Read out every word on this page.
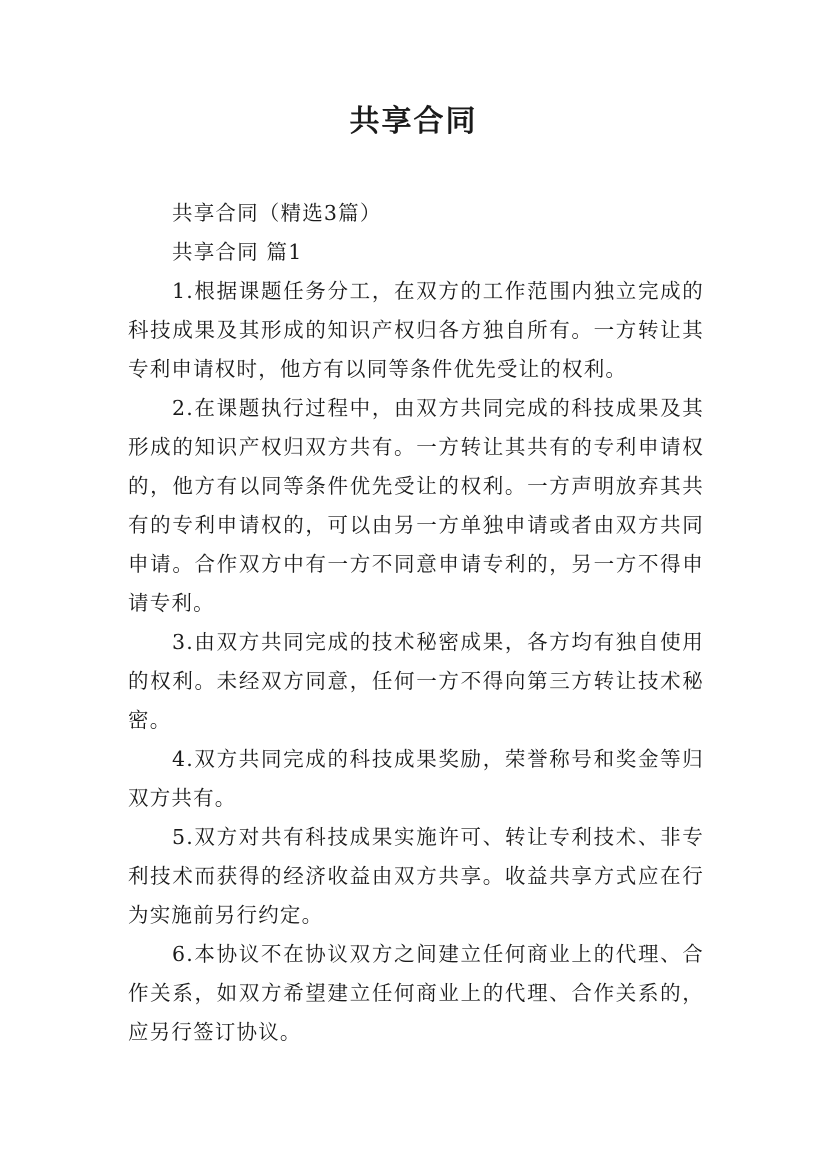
共享合同

共享合同（精选3篇）

共享合同 篇1

1.根据课题任务分工，在双方的工作范围内独立完成的科技成果及其形成的知识产权归各方独自所有。一方转让其专利申请权时，他方有以同等条件优先受让的权利。

2.在课题执行过程中，由双方共同完成的科技成果及其形成的知识产权归双方共有。一方转让其共有的专利申请权的，他方有以同等条件优先受让的权利。一方声明放弃其共有的专利申请权的，可以由另一方单独申请或者由双方共同申请。合作双方中有一方不同意申请专利的，另一方不得申请专利。

3.由双方共同完成的技术秘密成果，各方均有独自使用的权利。未经双方同意，任何一方不得向第三方转让技术秘密。

4.双方共同完成的科技成果奖励，荣誉称号和奖金等归双方共有。

5.双方对共有科技成果实施许可、转让专利技术、非专利技术而获得的经济收益由双方共享。收益共享方式应在行为实施前另行约定。

6.本协议不在协议双方之间建立任何商业上的代理、合作关系，如双方希望建立任何商业上的代理、合作关系的，应另行签订协议。
